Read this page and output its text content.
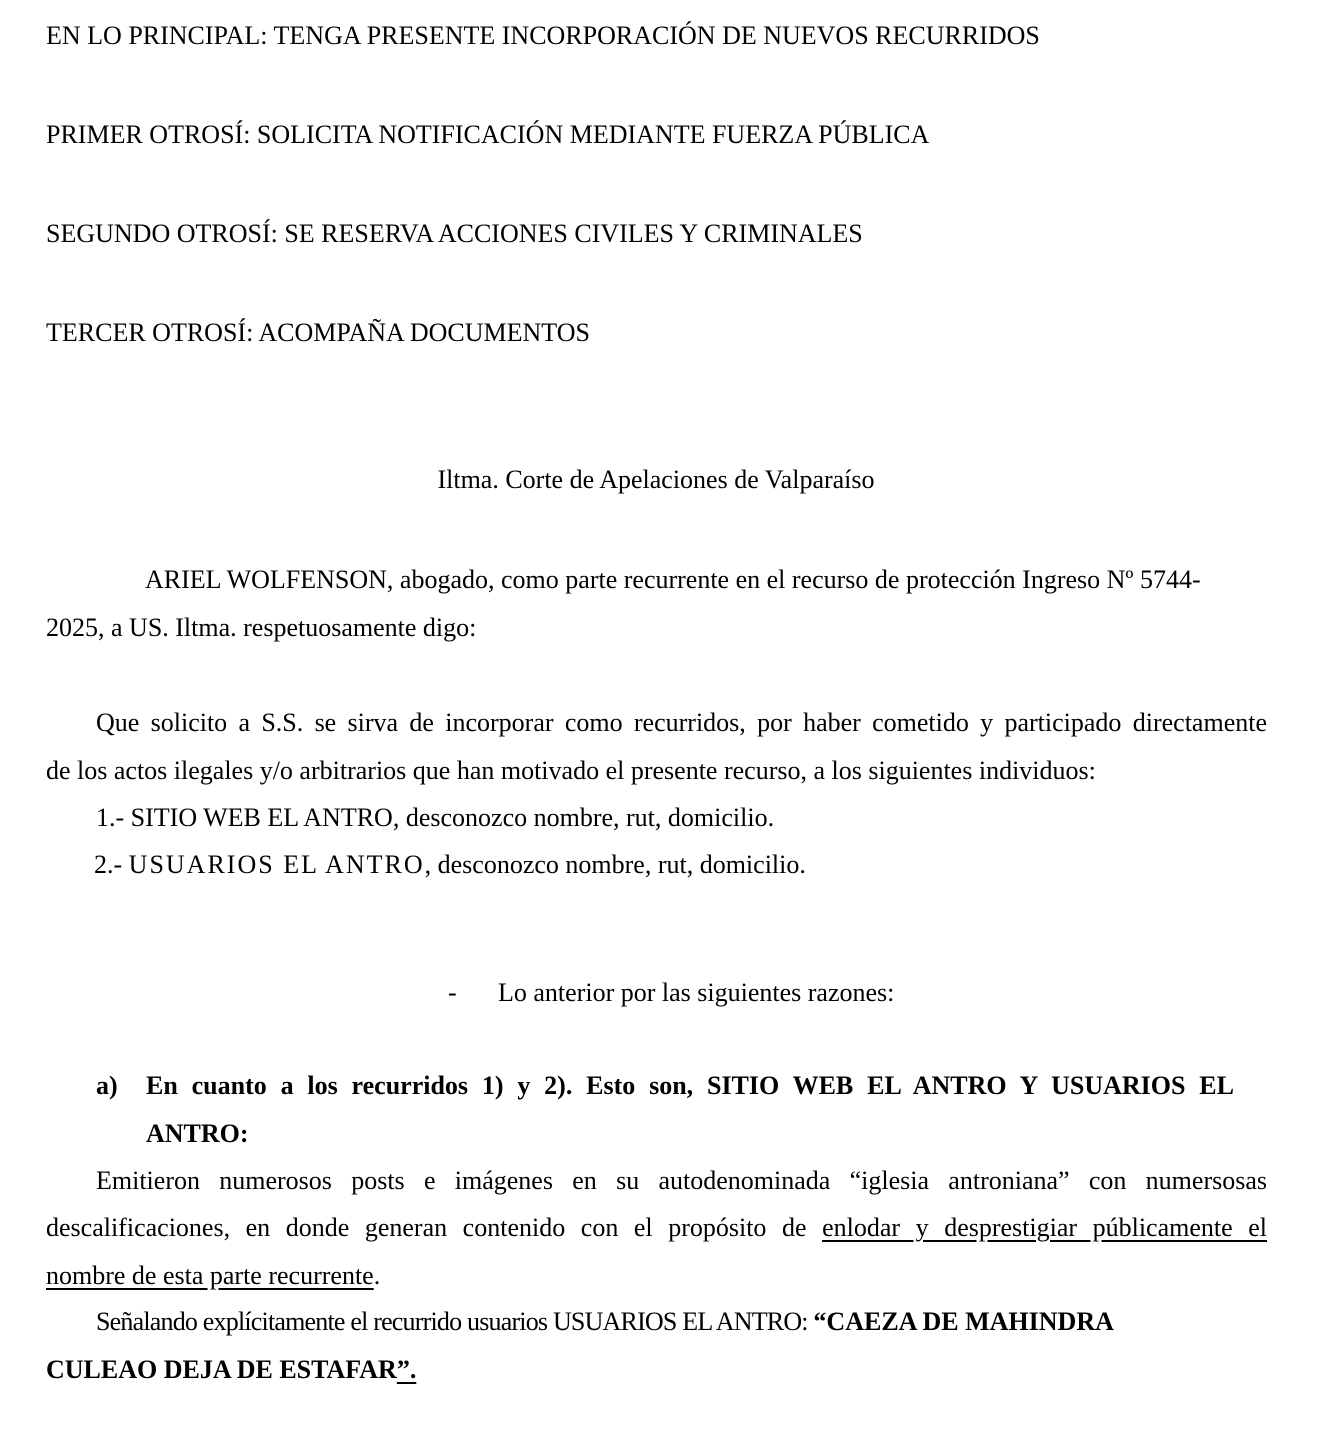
EN LO PRINCIPAL: TENGA PRESENTE INCORPORACIÓN DE NUEVOS RECURRIDOS
PRIMER OTROSÍ: SOLICITA NOTIFICACIÓN MEDIANTE FUERZA PÚBLICA
SEGUNDO OTROSÍ: SE RESERVA ACCIONES CIVILES Y CRIMINALES
TERCER OTROSÍ: ACOMPAÑA DOCUMENTOS
Iltma. Corte de Apelaciones de Valparaíso
ARIEL WOLFENSON, abogado, como parte recurrente en el recurso de protección Ingreso Nº 5744-
2025, a US. Iltma. respetuosamente digo:
Que solicito a S.S. se sirva de incorporar como recurridos, por haber cometido y participado directamente
de los actos ilegales y/o arbitrarios que han motivado el presente recurso, a los siguientes individuos:
1.- SITIO WEB EL ANTRO, desconozco nombre, rut, domicilio.
2.- USUARIOS EL ANTRO, desconozco nombre, rut, domicilio.
- Lo anterior por las siguientes razones:
a) En cuanto a los recurridos 1) y 2). Esto son, SITIO WEB EL ANTRO Y USUARIOS EL
ANTRO:
Emitieron numerosos posts e imágenes en su autodenominada “iglesia antroniana” con numersosas
descalificaciones, en donde generan contenido con el propósito de enlodar y desprestigiar públicamente el
nombre de esta parte recurrente.
Señalando explícitamente el recurrido usuarios USUARIOS EL ANTRO: “CAEZA DE MAHINDRA
CULEAO DEJA DE ESTAFAR”.
